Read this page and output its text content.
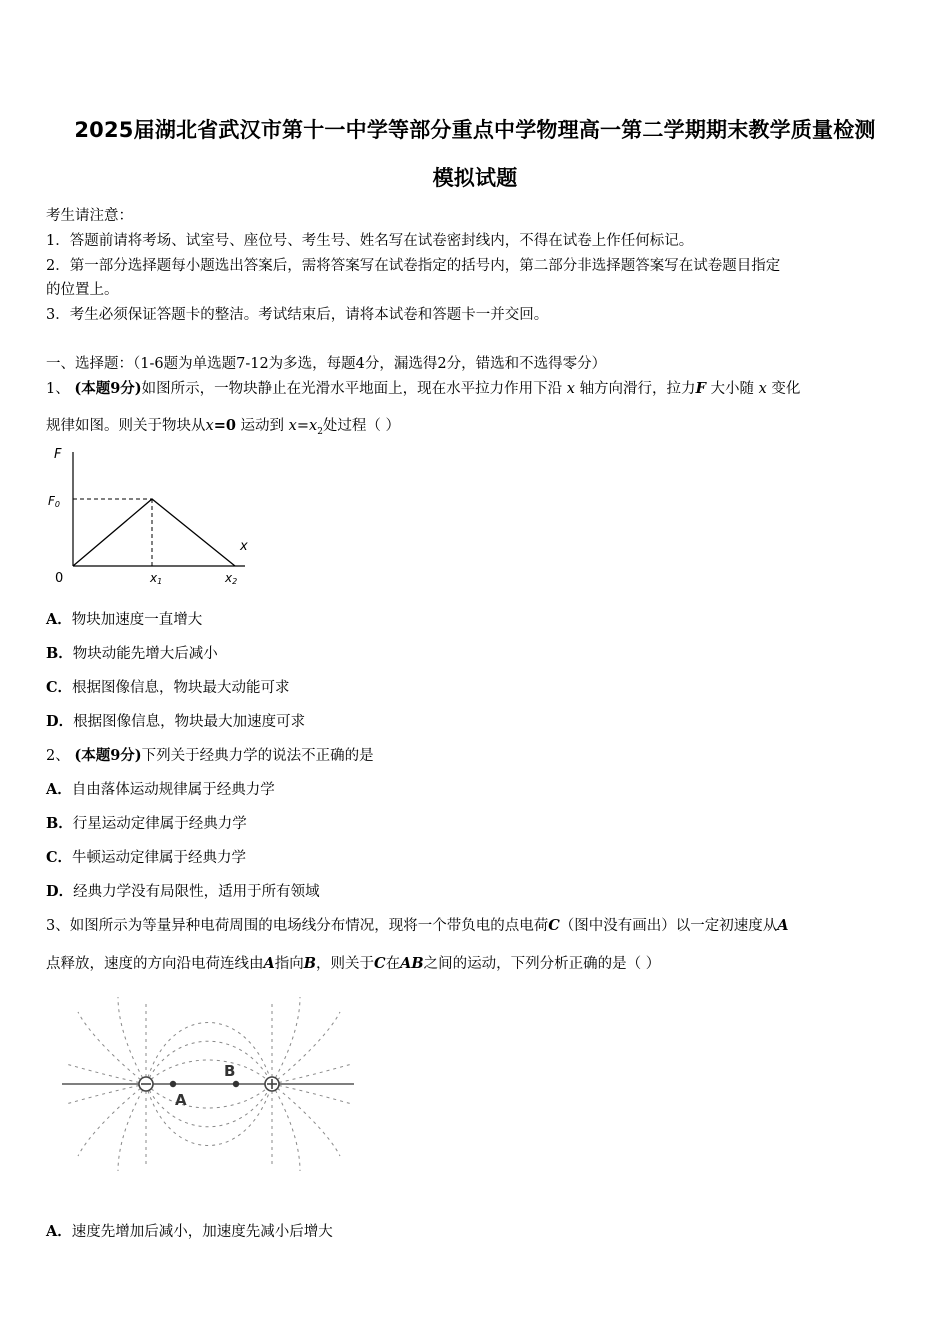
2025届湖北省武汉市第十一中学等部分重点中学物理高一第二学期期末教学质量检测
模拟试题
考生请注意：
1．答题前请将考场、试室号、座位号、考生号、姓名写在试卷密封线内，不得在试卷上作任何标记。
2．第一部分选择题每小题选出答案后，需将答案写在试卷指定的括号内，第二部分非选择题答案写在试卷题目指定
的位置上。
3．考生必须保证答题卡的整洁。考试结束后，请将本试卷和答题卡一并交回。
一、选择题：（1-6题为单选题7-12为多选，每题4分，漏选得2分，错选和不选得零分）
1、 (本题9分)如图所示，一物块静止在光滑水平地面上，现在水平拉力作用下沿 x 轴方向滑行，拉力F 大小随 x 变化
规律如图。则关于物块从x=0 运动到 $x=x_2$处过程（ ）
F
F0
x
0	x1	x2
A．物块加速度一直增大
B．物块动能先增大后减小
C．根据图像信息，物块最大动能可求
D．根据图像信息，物块最大加速度可求
2、 (本题9分)下列关于经典力学的说法不正确的是
A．自由落体运动规律属于经典力学
B．行星运动定律属于经典力学
C．牛顿运动定律属于经典力学
D．经典力学没有局限性，适用于所有领域
3、如图所示为等量异种电荷周围的电场线分布情况，现将一个带负电的点电荷C（图中没有画出）以一定初速度从A
点释放，速度的方向沿电荷连线由A指向B，则关于C在AB之间的运动，下列分析正确的是（ ）
A
B
A．速度先增加后减小，加速度先减小后增大
